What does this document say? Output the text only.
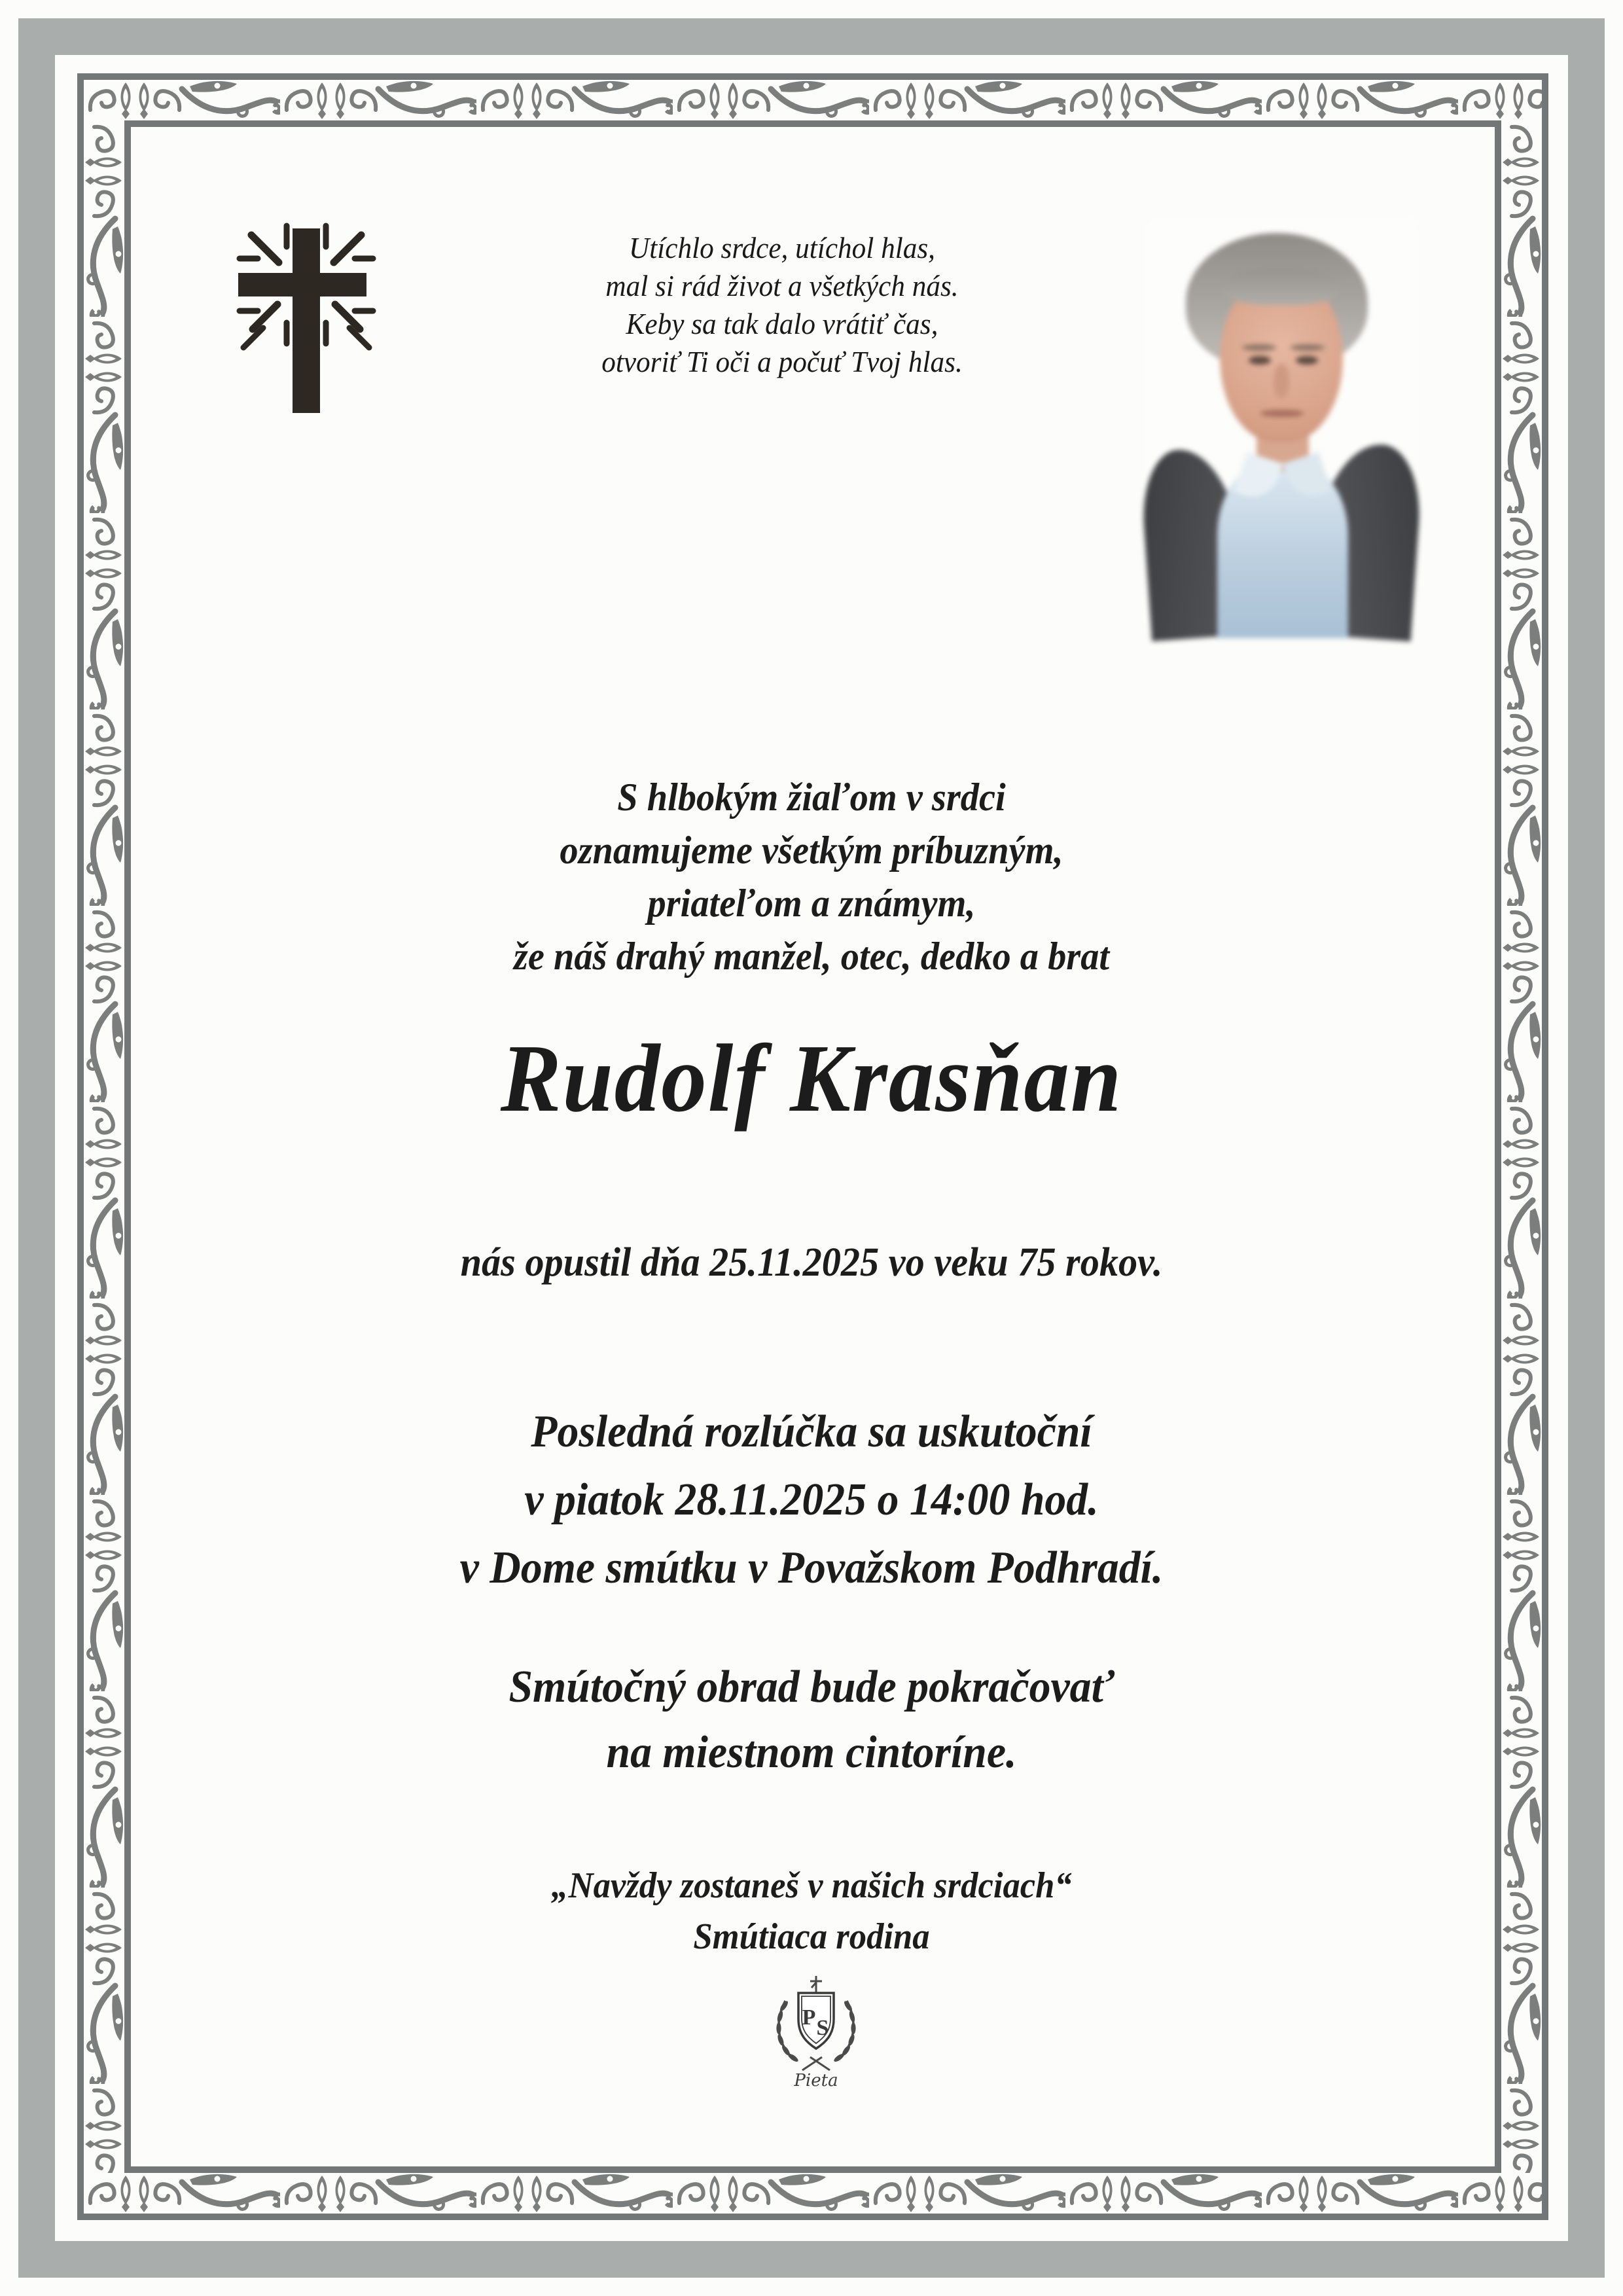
Utíchlo srdce, utíchol hlas,
mal si rád život a všetkých nás.
Keby sa tak dalo vrátiť čas,
otvoriť Ti oči a počuť Tvoj hlas.
S hlbokým žiaľom v srdci
oznamujeme všetkým príbuzným,
priateľom a známym,
že náš drahý manžel, otec, dedko a brat
Rudolf Krasňan
nás opustil dňa 25.11.2025 vo veku 75 rokov.
Posledná rozlúčka sa uskutoční
v piatok 28.11.2025 o 14:00 hod.
v Dome smútku v Považskom Podhradí.
Smútočný obrad bude pokračovať
na miestnom cintoríne.
„Navždy zostaneš v našich srdciach“
Smútiaca rodina
P S
Pieta
